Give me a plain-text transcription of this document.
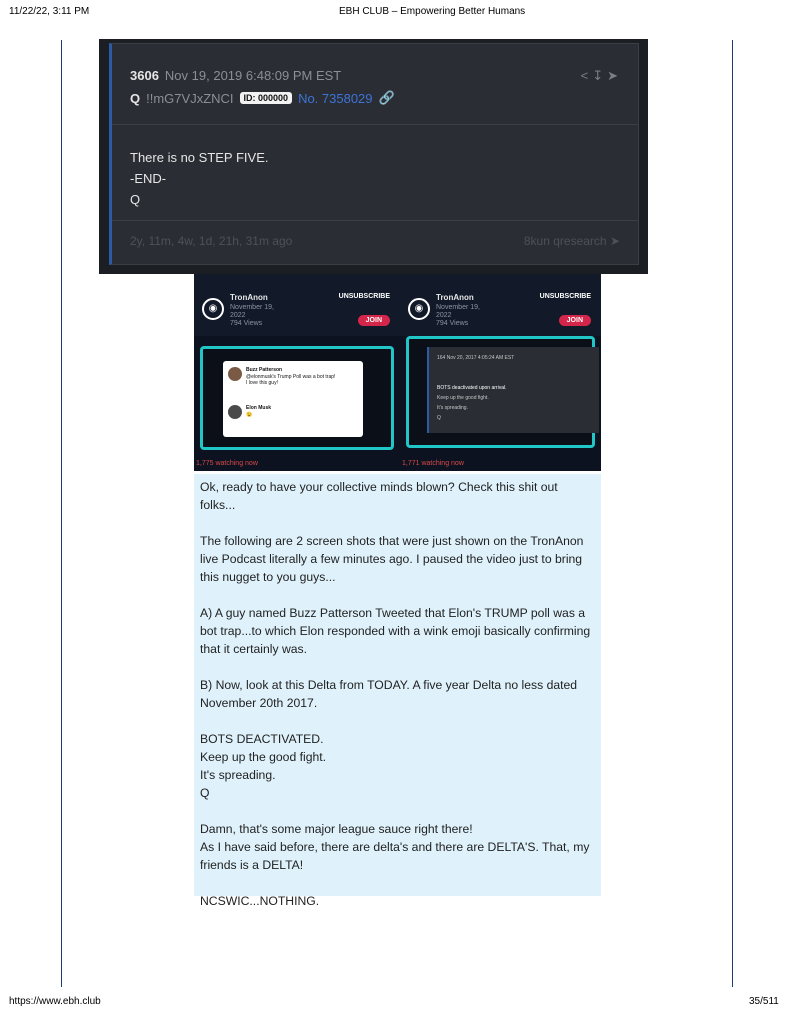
11/22/22, 3:11 PM	EBH CLUB – Empowering Better Humans
3606 Nov 19, 2019 6:48:09 PM EST
Q !!mG7VJxZNCI	ID: 000000 No. 7358029 🔗
<↧➤
There is no STEP FIVE.
-END-
Q
2y, 11m, 4w, 1d, 21h, 31m ago	8kun qresearch ➤
◉
TronAnon
November 19,
2022
794 Views
UNSUBSCRIBE
JOIN
Buzz Patterson
@elonmusk's Trump Poll was a bot trap!
I love this guy!
Elon Musk
😉
1,775 watching now
◉
TronAnon
November 19,
2022
794 Views
UNSUBSCRIBE
JOIN
164 Nov 20, 2017 4:05:24 AM EST
BOTS deactivated upon arrival.
Keep up the good fight.
It's spreading.
Q
1,771 watching now

Ok, ready to have your collective minds blown? Check this shit out folks...

The following are 2 screen shots that were just shown on the TronAnon live Podcast literally a few minutes ago. I paused the video just to bring this nugget to you guys...

A) A guy named Buzz Patterson Tweeted that Elon's TRUMP poll was a bot trap...to which Elon responded with a wink emoji basically confirming that it certainly was.

B) Now, look at this Delta from TODAY. A five year Delta no less dated November 20th 2017.

BOTS DEACTIVATED.
Keep up the good fight.
It's spreading.
Q

Damn, that's some major league sauce right there!
As I have said before, there are delta's and there are DELTA'S. That, my friends is a DELTA!

NCSWIC...NOTHING.

https://www.ebh.club	35/511
